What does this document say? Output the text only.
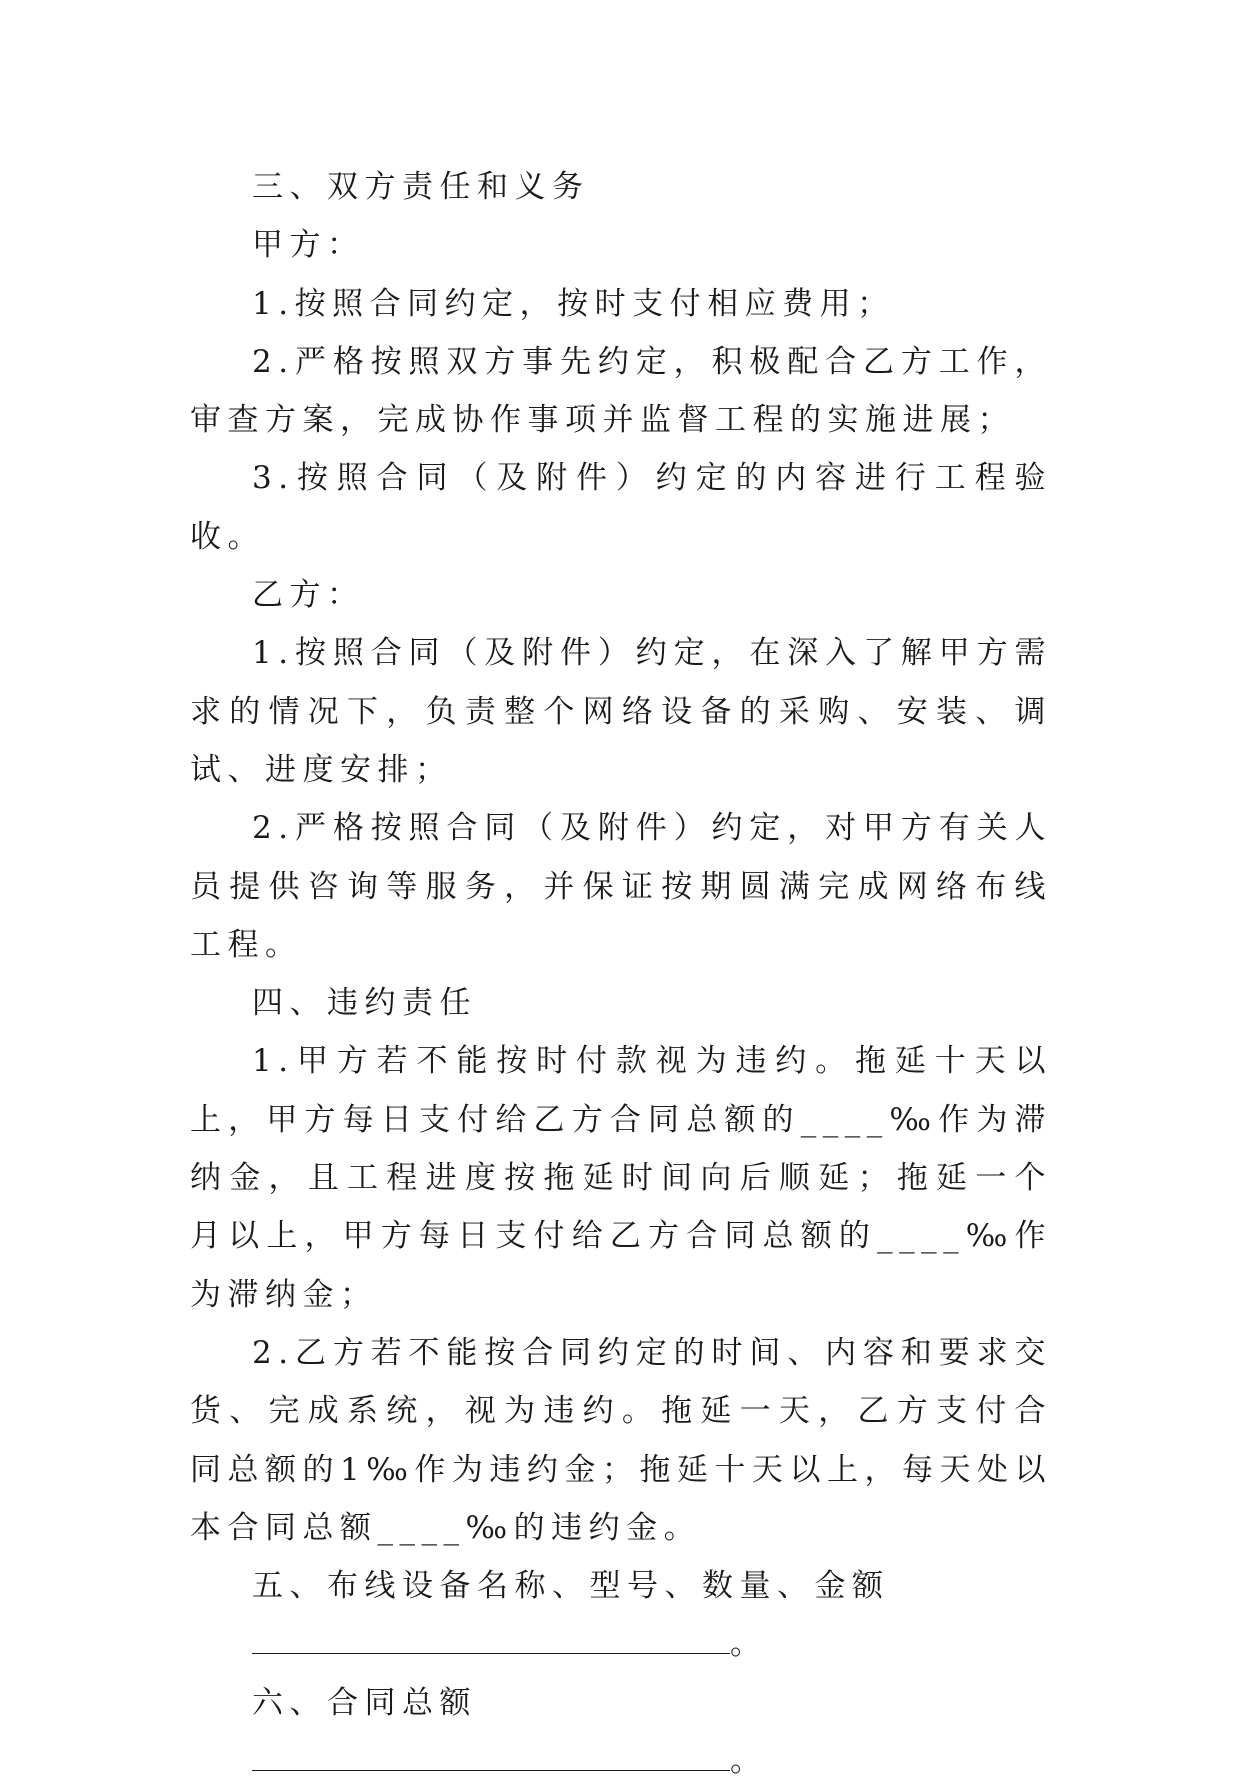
三、双方责任和义务

甲方：

1.按照合同约定，按时支付相应费用；

2.严格按照双方事先约定，积极配合乙方工作，审查方案，完成协作事项并监督工程的实施进展；

3.按照合同（及附件）约定的内容进行工程验收。

乙方：

1.按照合同（及附件）约定，在深入了解甲方需求的情况下，负责整个网络设备的采购、安装、调试、进度安排；

2.严格按照合同（及附件）约定，对甲方有关人员提供咨询等服务，并保证按期圆满完成网络布线工程。

四、违约责任

1.甲方若不能按时付款视为违约。拖延十天以上，甲方每日支付给乙方合同总额的____‰作为滞纳金，且工程进度按拖延时间向后顺延；拖延一个月以上，甲方每日支付给乙方合同总额的____‰作为滞纳金；

2.乙方若不能按合同约定的时间、内容和要求交货、完成系统，视为违约。拖延一天，乙方支付合同总额的1‰作为违约金；拖延十天以上，每天处以本合同总额____‰的违约金。

五、布线设备名称、型号、数量、金额

。

六、合同总额

。
